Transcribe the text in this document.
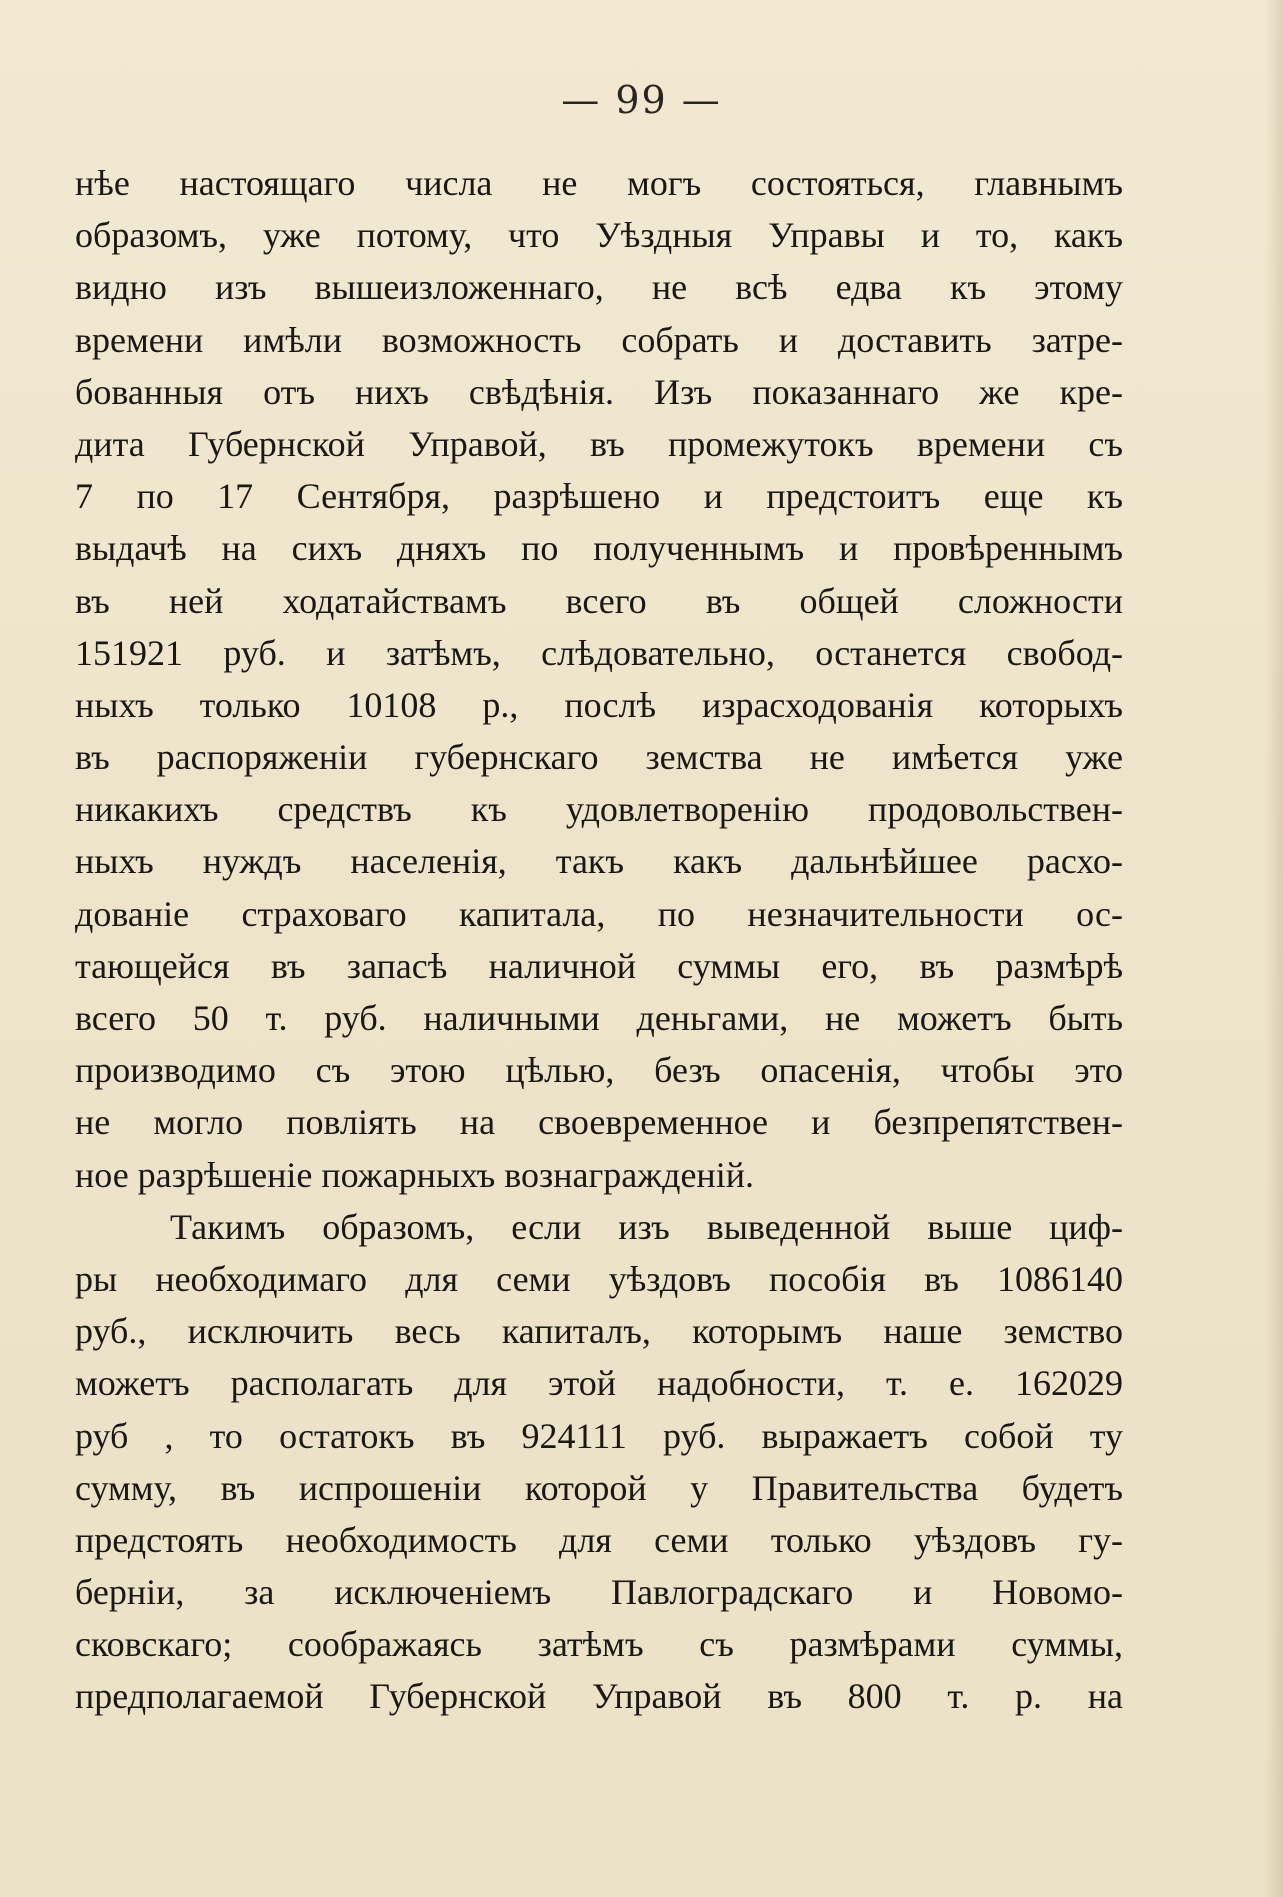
— 99 —
нѣе настоящаго числа не могъ состояться, главнымъ
образомъ, уже потому, что Уѣздныя Управы и то, какъ
видно изъ вышеизложеннаго, не всѣ едва къ этому
времени имѣли возможность собрать и доставить затре-
бованныя отъ нихъ свѣдѣнія. Изъ показаннаго же кре-
дита Губернской Управой, въ промежутокъ времени съ
7 по 17 Сентября, разрѣшено и предстоитъ еще къ
выдачѣ на сихъ дняхъ по полученнымъ и провѣреннымъ
въ ней ходатайствамъ всего въ общей сложности
151921 руб. и затѣмъ, слѣдовательно, останется свобод-
ныхъ только 10108 р., послѣ израсходованія которыхъ
въ распоряженіи губернскаго земства не имѣется уже
никакихъ средствъ къ удовлетворенію продовольствен-
ныхъ нуждъ населенія, такъ какъ дальнѣйшее расхо-
дованіе страховаго капитала, по незначительности ос-
тающейся въ запасѣ наличной суммы его, въ размѣрѣ
всего 50 т. руб. наличными деньгами, не можетъ быть
производимо съ этою цѣлью, безъ опасенія, чтобы это
не могло повліять на своевременное и безпрепятствен-
ное разрѣшеніе пожарныхъ вознагражденій.
Такимъ образомъ, если изъ выведенной выше циф-
ры необходимаго для семи уѣздовъ пособія въ 1086140
руб., исключить весь капиталъ, которымъ наше земство
можетъ располагать для этой надобности, т. е. 162029
руб , то остатокъ въ 924111 руб. выражаетъ собой ту
сумму, въ испрошеніи которой у Правительства будетъ
предстоять необходимость для семи только уѣздовъ гу-
берніи, за исключеніемъ Павлоградскаго и Новомо-
сковскаго; соображаясь затѣмъ съ размѣрами суммы,
предполагаемой Губернской Управой въ 800 т. р. на
